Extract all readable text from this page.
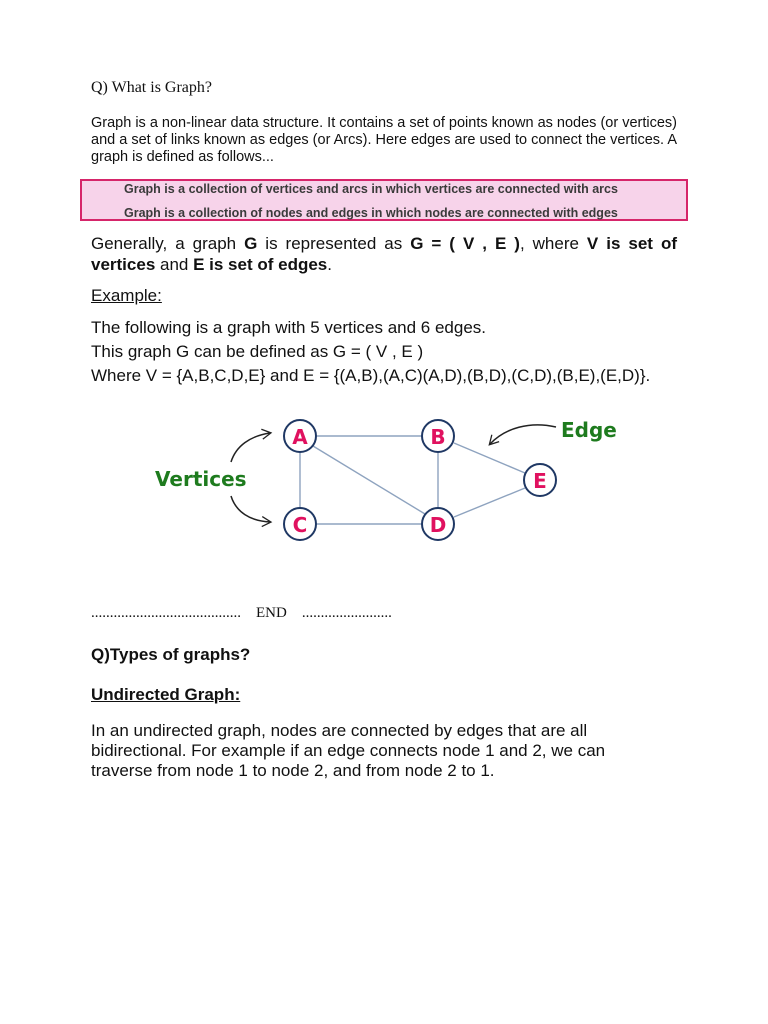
Q) What is Graph?
Graph is a non-linear data structure. It contains a set of points known as nodes (or vertices) and a set of links known as edges (or Arcs). Here edges are used to connect the vertices. A graph is defined as follows...
Graph is a collection of vertices and arcs in which vertices are connected with arcs
Graph is a collection of nodes and edges in which nodes are connected with edges
Generally, a graph G is represented as G = ( V , E ), where V is set of vertices and E is set of edges.
Example:
The following is a graph with 5 vertices and 6 edges.
This graph G can be defined as G = ( V , E )
Where V = {A,B,C,D,E} and E = {(A,B),(A,C)(A,D),(B,D),(C,D),(B,E),(E,D)}.
A	B
C	D
E
Vertices
Edge
........................................ END ........................
Q)Types of graphs?
Undirected Graph:
In an undirected graph, nodes are connected by edges that are all bidirectional. For example if an edge connects node 1 and 2, we can traverse from node 1 to node 2, and from node 2 to 1.
